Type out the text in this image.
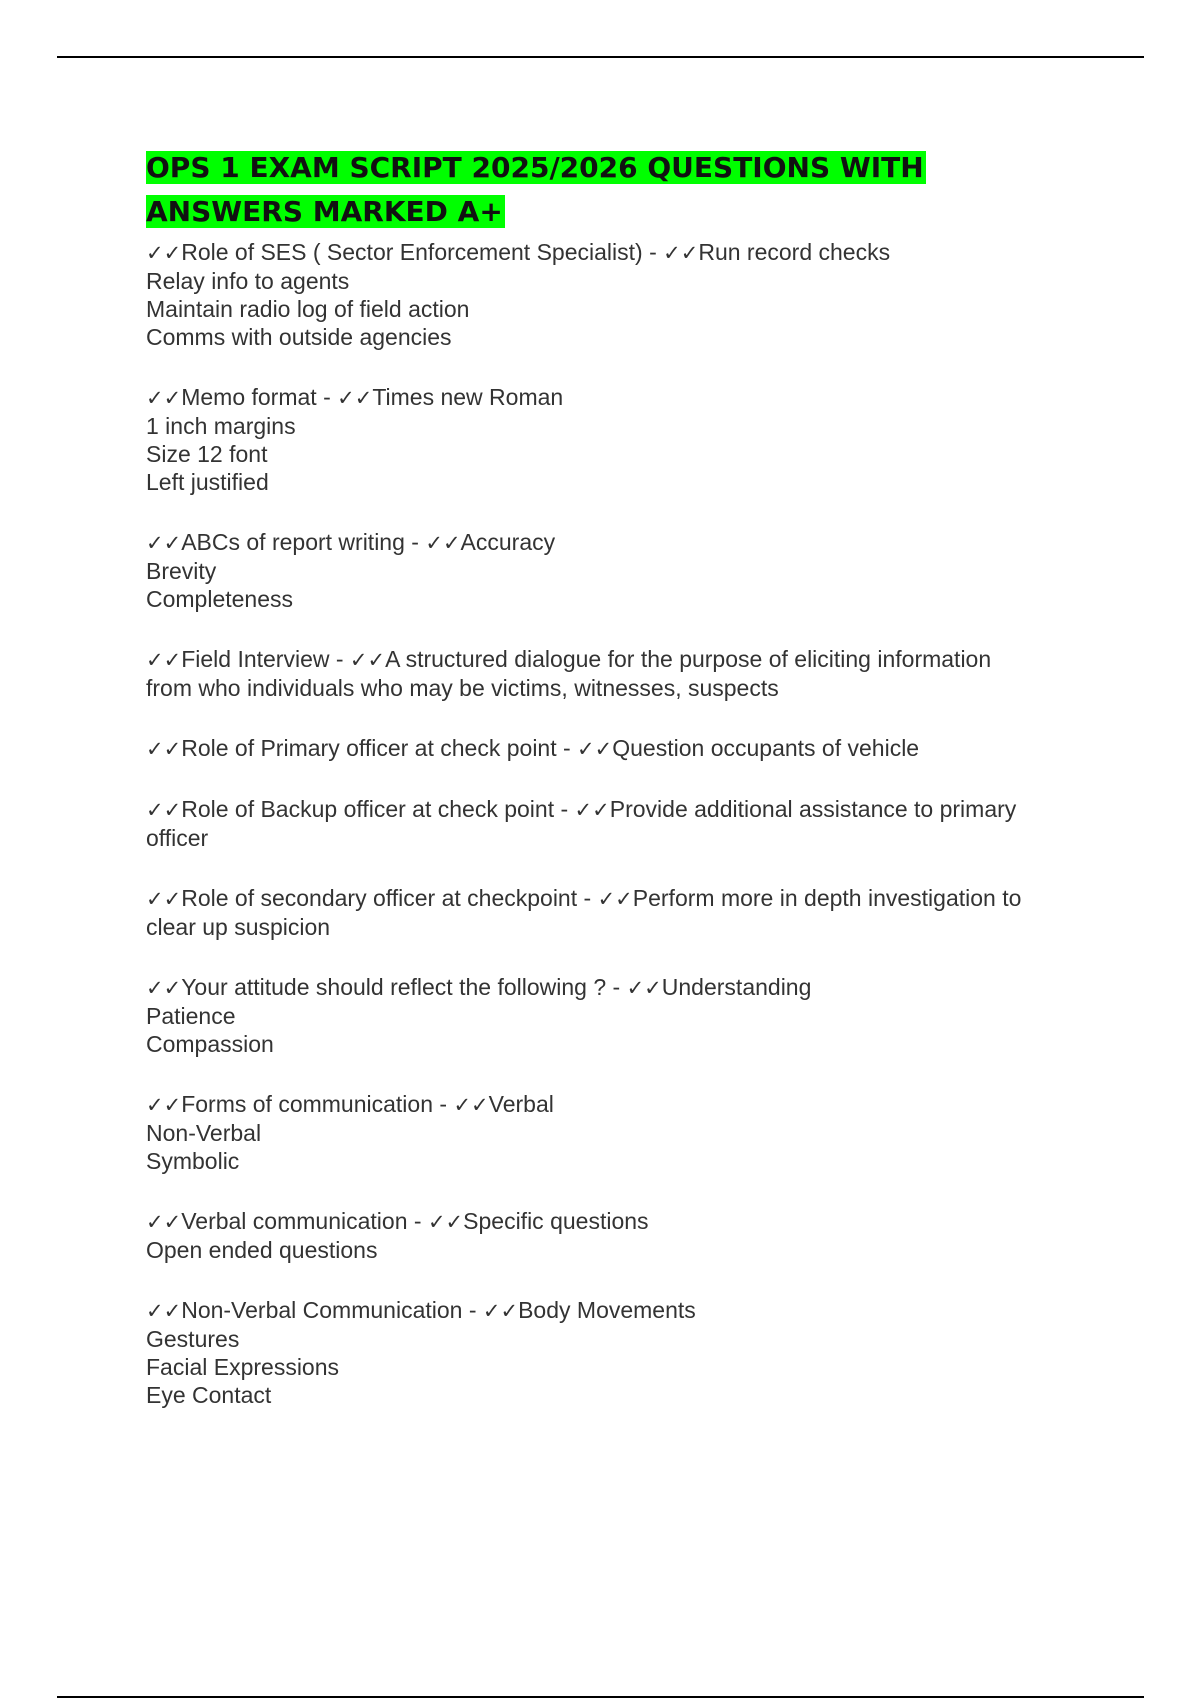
OPS 1 EXAM SCRIPT 2025/2026 QUESTIONS WITH
ANSWERS MARKED A+
✓✓Role of SES ( Sector Enforcement Specialist) - ✓✓Run record checks
Relay info to agents
Maintain radio log of field action
Comms with outside agencies
✓✓Memo format - ✓✓Times new Roman
1 inch margins
Size 12 font
Left justified
✓✓ABCs of report writing - ✓✓Accuracy
Brevity
Completeness
✓✓Field Interview - ✓✓A structured dialogue for the purpose of eliciting information
from who individuals who may be victims, witnesses, suspects
✓✓Role of Primary officer at check point - ✓✓Question occupants of vehicle
✓✓Role of Backup officer at check point - ✓✓Provide additional assistance to primary
officer
✓✓Role of secondary officer at checkpoint - ✓✓Perform more in depth investigation to
clear up suspicion
✓✓Your attitude should reflect the following ? - ✓✓Understanding
Patience
Compassion
✓✓Forms of communication - ✓✓Verbal
Non-Verbal
Symbolic
✓✓Verbal communication - ✓✓Specific questions
Open ended questions
✓✓Non-Verbal Communication - ✓✓Body Movements
Gestures
Facial Expressions
Eye Contact
